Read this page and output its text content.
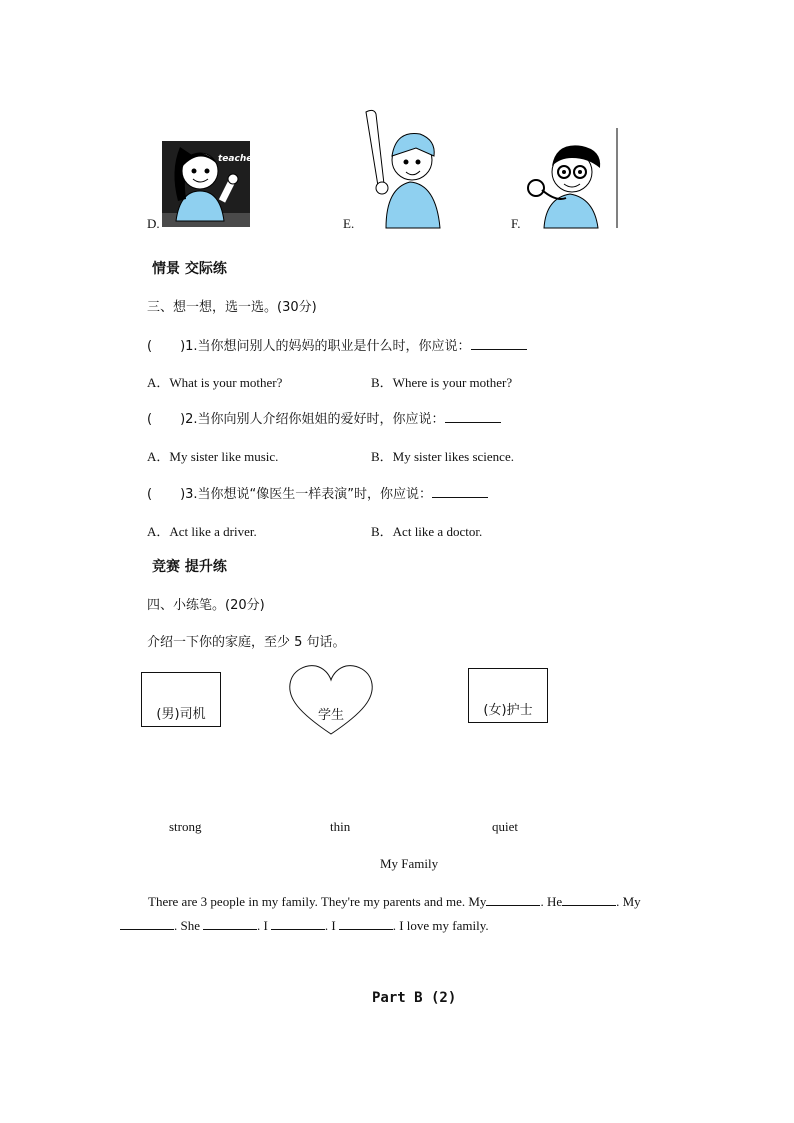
D.
teacher
E.	F.
情景 交际练
三、想一想，选一选。(30分)
( )1.当你想问别人的妈妈的职业是什么时，你应说：
A．What is your mother?	B．Where is your mother?
( )2.当你向别人介绍你姐姐的爱好时，你应说：
A．My sister like music.	B．My sister likes science.
( )3.当你想说“像医生一样表演”时，你应说：
A．Act like a driver.	B．Act like a doctor.
竞赛 提升练
四、小练笔。(20分)
介绍一下你的家庭，至少 5 句话。
(男)司机	学生	(女)护士
strong	thin	quiet
My Family
There are 3 people in my family. They're my parents and me. My	. He	. My
. She	. I	. I	. I love my family.
Part B (2)
